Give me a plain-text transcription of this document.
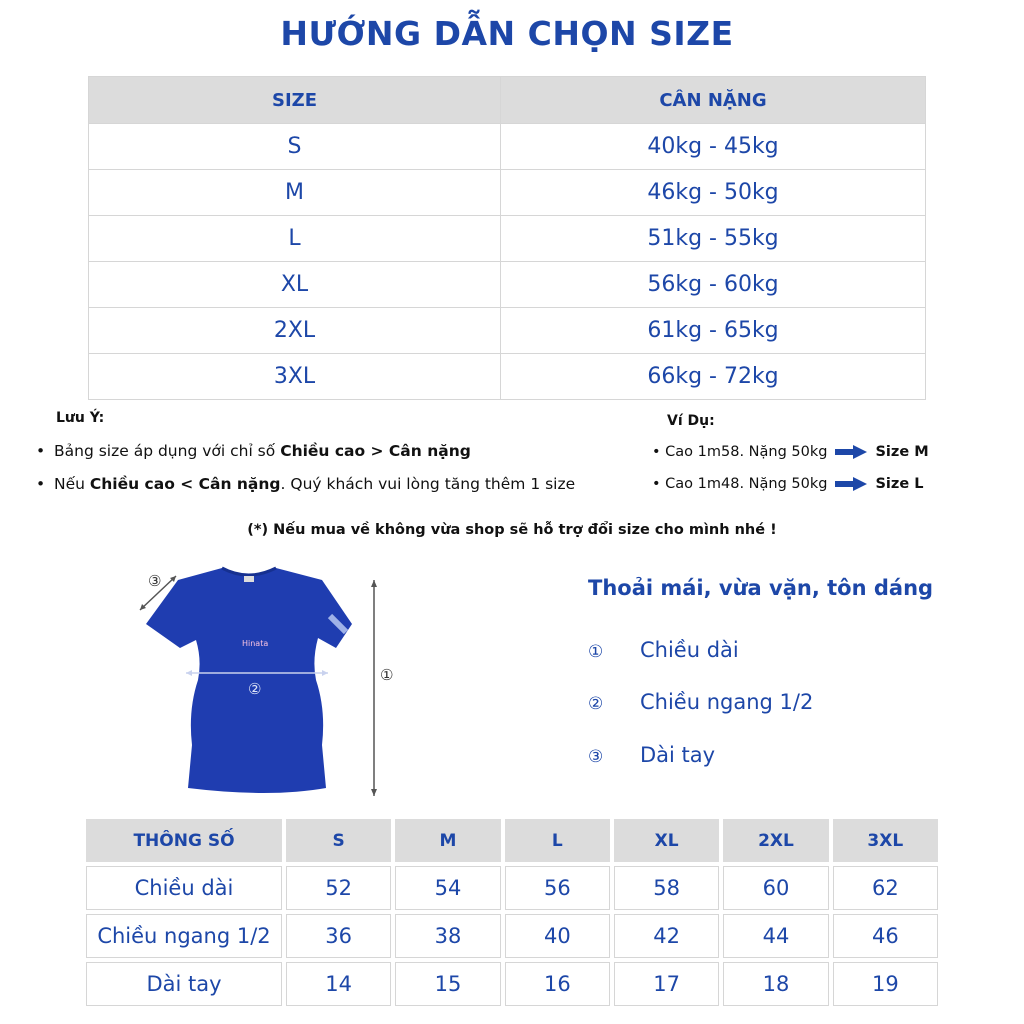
HƯỚNG DẪN CHỌN SIZE
SIZE	CÂN NẶNG
S	40kg - 45kg
M	46kg - 50kg
L	51kg - 55kg
XL	56kg - 60kg
2XL	61kg - 65kg
3XL	66kg - 72kg
Lưu Ý:
• Bảng size áp dụng với chỉ số Chiều cao > Cân nặng
• Nếu Chiều cao < Cân nặng. Quý khách vui lòng tăng thêm 1 size
Ví Dụ:
• Cao 1m58. Nặng 50kg	Size M
• Cao 1m48. Nặng 50kg	Size L
(*) Nếu mua về không vừa shop sẽ hỗ trợ đổi size cho mình nhé !
③
Hinata
②
①
Thoải mái, vừa vặn, tôn dáng
① Chiều dài
② Chiều ngang 1/2
③ Dài tay
THÔNG SỐ	S	M	L	XL	2XL	3XL
Chiều dài	52	54	56	58	60	62
Chiều ngang 1/2	36	38	40	42	44	46
Dài tay	14	15	16	17	18	19
